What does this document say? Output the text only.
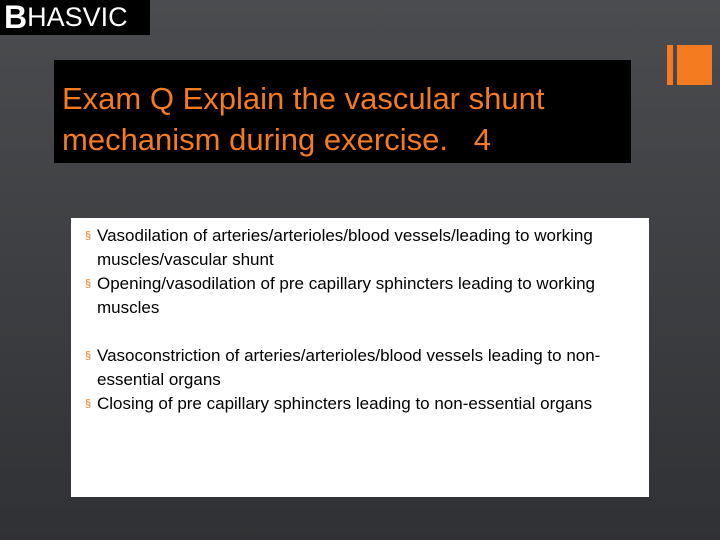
B HASVIC
Exam Q Explain the vascular shunt mechanism during exercise.   4
§ Vasodilation of arteries/arterioles/blood vessels/leading to working muscles/vascular shunt
§ Opening/vasodilation of pre capillary sphincters leading to working muscles
§ Vasoconstriction of arteries/arterioles/blood vessels leading to non-essential organs
§ Closing of pre capillary sphincters leading to non-essential organs
